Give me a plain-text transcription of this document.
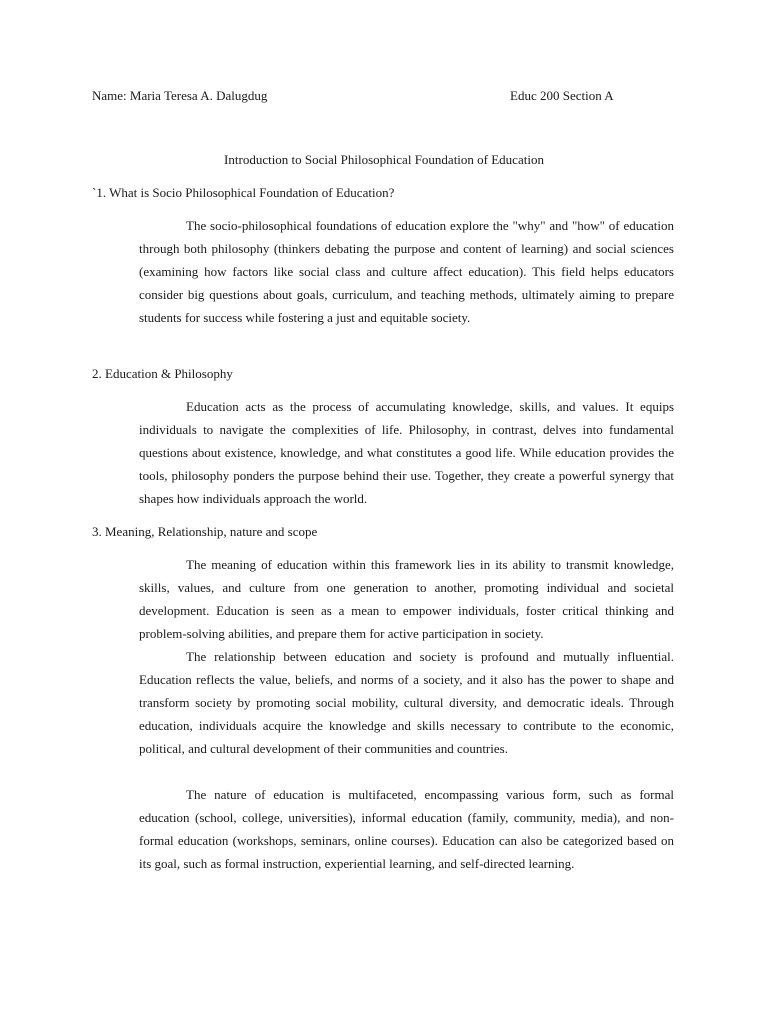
Name: Maria Teresa A. Dalugdug	Educ 200 Section A
Introduction to Social Philosophical Foundation of Education
`1. What is Socio Philosophical Foundation of Education?

The socio-philosophical foundations of education explore the "why" and "how" of education through both philosophy (thinkers debating the purpose and content of learning) and social sciences (examining how factors like social class and culture affect education). This field helps educators consider big questions about goals, curriculum, and teaching methods, ultimately aiming to prepare students for success while fostering a just and equitable society.

2. Education & Philosophy

Education acts as the process of accumulating knowledge, skills, and values. It equips individuals to navigate the complexities of life. Philosophy, in contrast, delves into fundamental questions about existence, knowledge, and what constitutes a good life. While education provides the tools, philosophy ponders the purpose behind their use. Together, they create a powerful synergy that shapes how individuals approach the world.

3. Meaning, Relationship, nature and scope

The meaning of education within this framework lies in its ability to transmit knowledge, skills, values, and culture from one generation to another, promoting individual and societal development. Education is seen as a mean to empower individuals, foster critical thinking and problem-solving abilities, and prepare them for active participation in society.

The relationship between education and society is profound and mutually influential. Education reflects the value, beliefs, and norms of a society, and it also has the power to shape and transform society by promoting social mobility, cultural diversity, and democratic ideals. Through education, individuals acquire the knowledge and skills necessary to contribute to the economic, political, and cultural development of their communities and countries.

The nature of education is multifaceted, encompassing various form, such as formal education (school, college, universities), informal education (family, community, media), and non-formal education (workshops, seminars, online courses). Education can also be categorized based on its goal, such as formal instruction, experiential learning, and self-directed learning.
